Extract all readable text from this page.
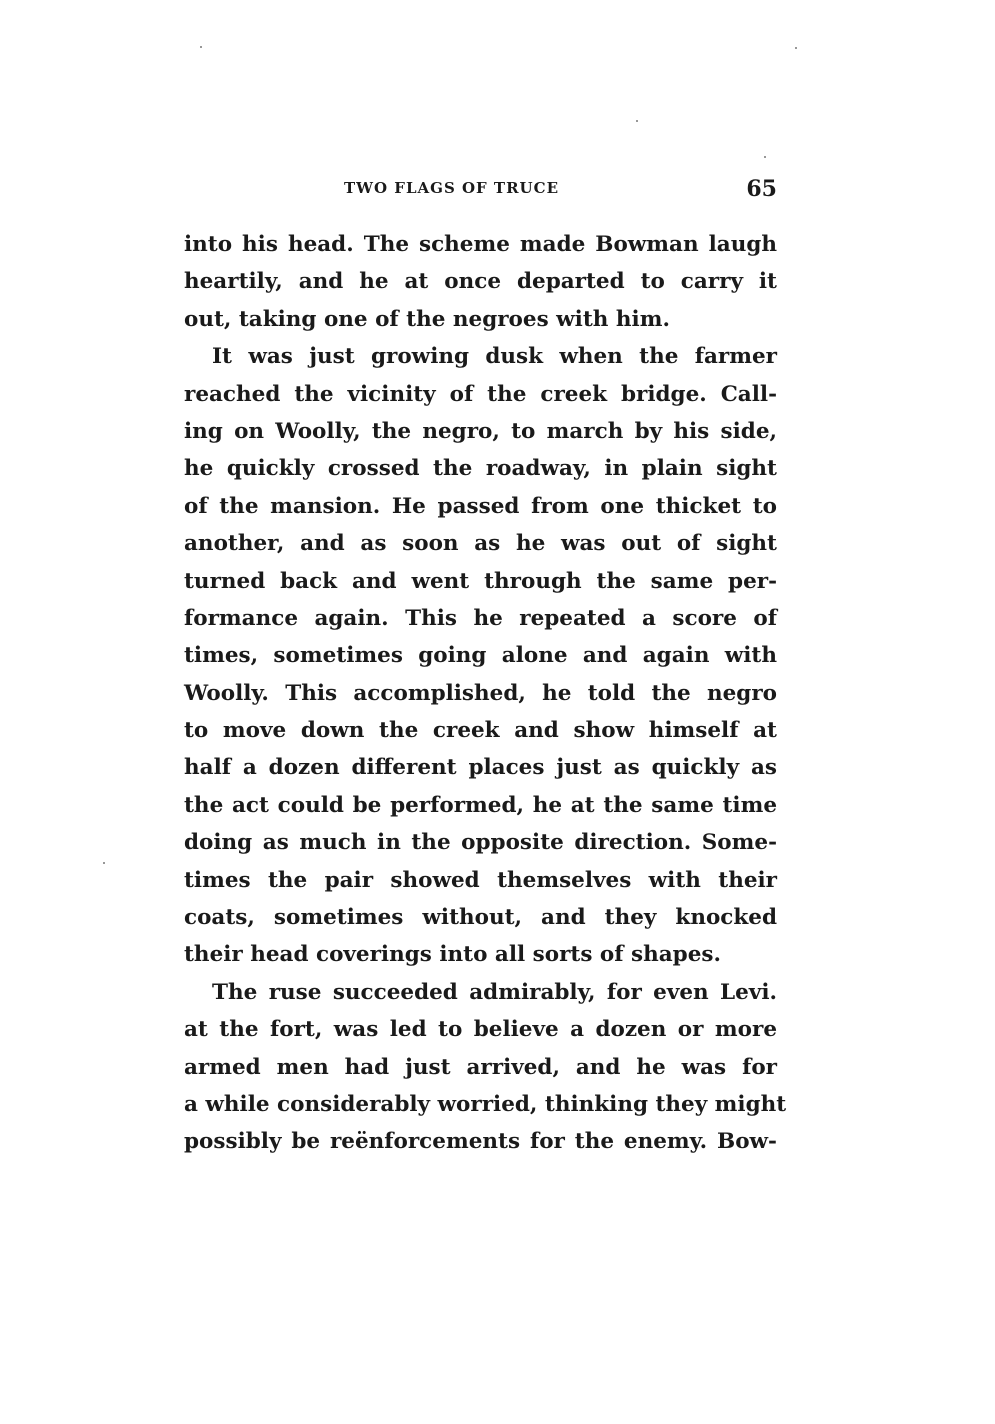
TWO FLAGS OF TRUCE	65
into his head. The scheme made Bowman laugh
heartily, and he at once departed to carry it
out, taking one of the negroes with him.
It was just growing dusk when the farmer
reached the vicinity of the creek bridge. Call-
ing on Woolly, the negro, to march by his side,
he quickly crossed the roadway, in plain sight
of the mansion. He passed from one thicket to
another, and as soon as he was out of sight
turned back and went through the same per-
formance again. This he repeated a score of
times, sometimes going alone and again with
Woolly. This accomplished, he told the negro
to move down the creek and show himself at
half a dozen different places just as quickly as
the act could be performed, he at the same time
doing as much in the opposite direction. Some-
times the pair showed themselves with their
coats, sometimes without, and they knocked
their head coverings into all sorts of shapes.
The ruse succeeded admirably, for even Levi.
at the fort, was led to believe a dozen or more
armed men had just arrived, and he was for
a while considerably worried, thinking they might
possibly be reënforcements for the enemy. Bow-
